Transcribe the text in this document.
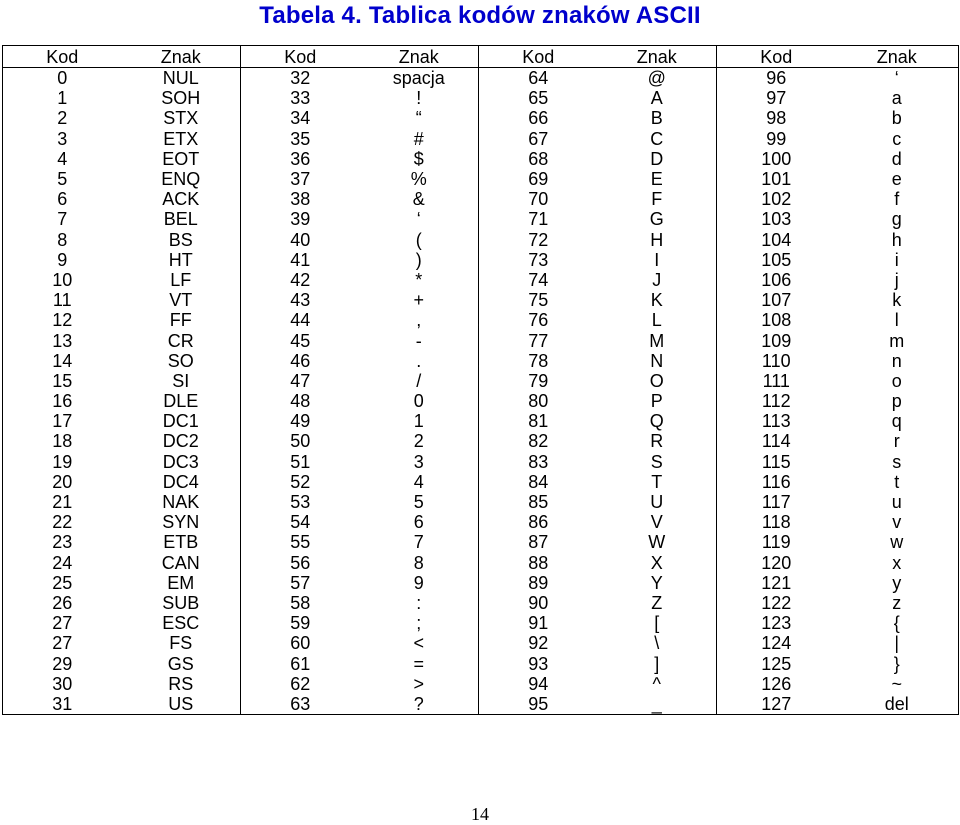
Tabela 4. Tablica kodów znaków ASCII
Kod	Znak	Kod	Znak	Kod	Znak	Kod	Znak
0	NUL	32	spacja	64	@	96	‘
1	SOH	33	!	65	A	97	a
2	STX	34	“	66	B	98	b
3	ETX	35	#	67	C	99	c
4	EOT	36	$	68	D	100	d
5	ENQ	37	%	69	E	101	e
6	ACK	38	&	70	F	102	f
7	BEL	39	‘	71	G	103	g
8	BS	40	(	72	H	104	h
9	HT	41	)	73	I	105	i
10	LF	42	*	74	J	106	j
11	VT	43	+	75	K	107	k
12	FF	44	,	76	L	108	l
13	CR	45	-	77	M	109	m
14	SO	46	.	78	N	110	n
15	SI	47	/	79	O	111	o
16	DLE	48	0	80	P	112	p
17	DC1	49	1	81	Q	113	q
18	DC2	50	2	82	R	114	r
19	DC3	51	3	83	S	115	s
20	DC4	52	4	84	T	116	t
21	NAK	53	5	85	U	117	u
22	SYN	54	6	86	V	118	v
23	ETB	55	7	87	W	119	w
24	CAN	56	8	88	X	120	x
25	EM	57	9	89	Y	121	y
26	SUB	58	:	90	Z	122	z
27	ESC	59	;	91	[	123	{
27	FS	60	<	92	\	124	|
29	GS	61	=	93	]	125	}
30	RS	62	>	94	^	126	~
31	US	63	?	95	_	127	del
14
